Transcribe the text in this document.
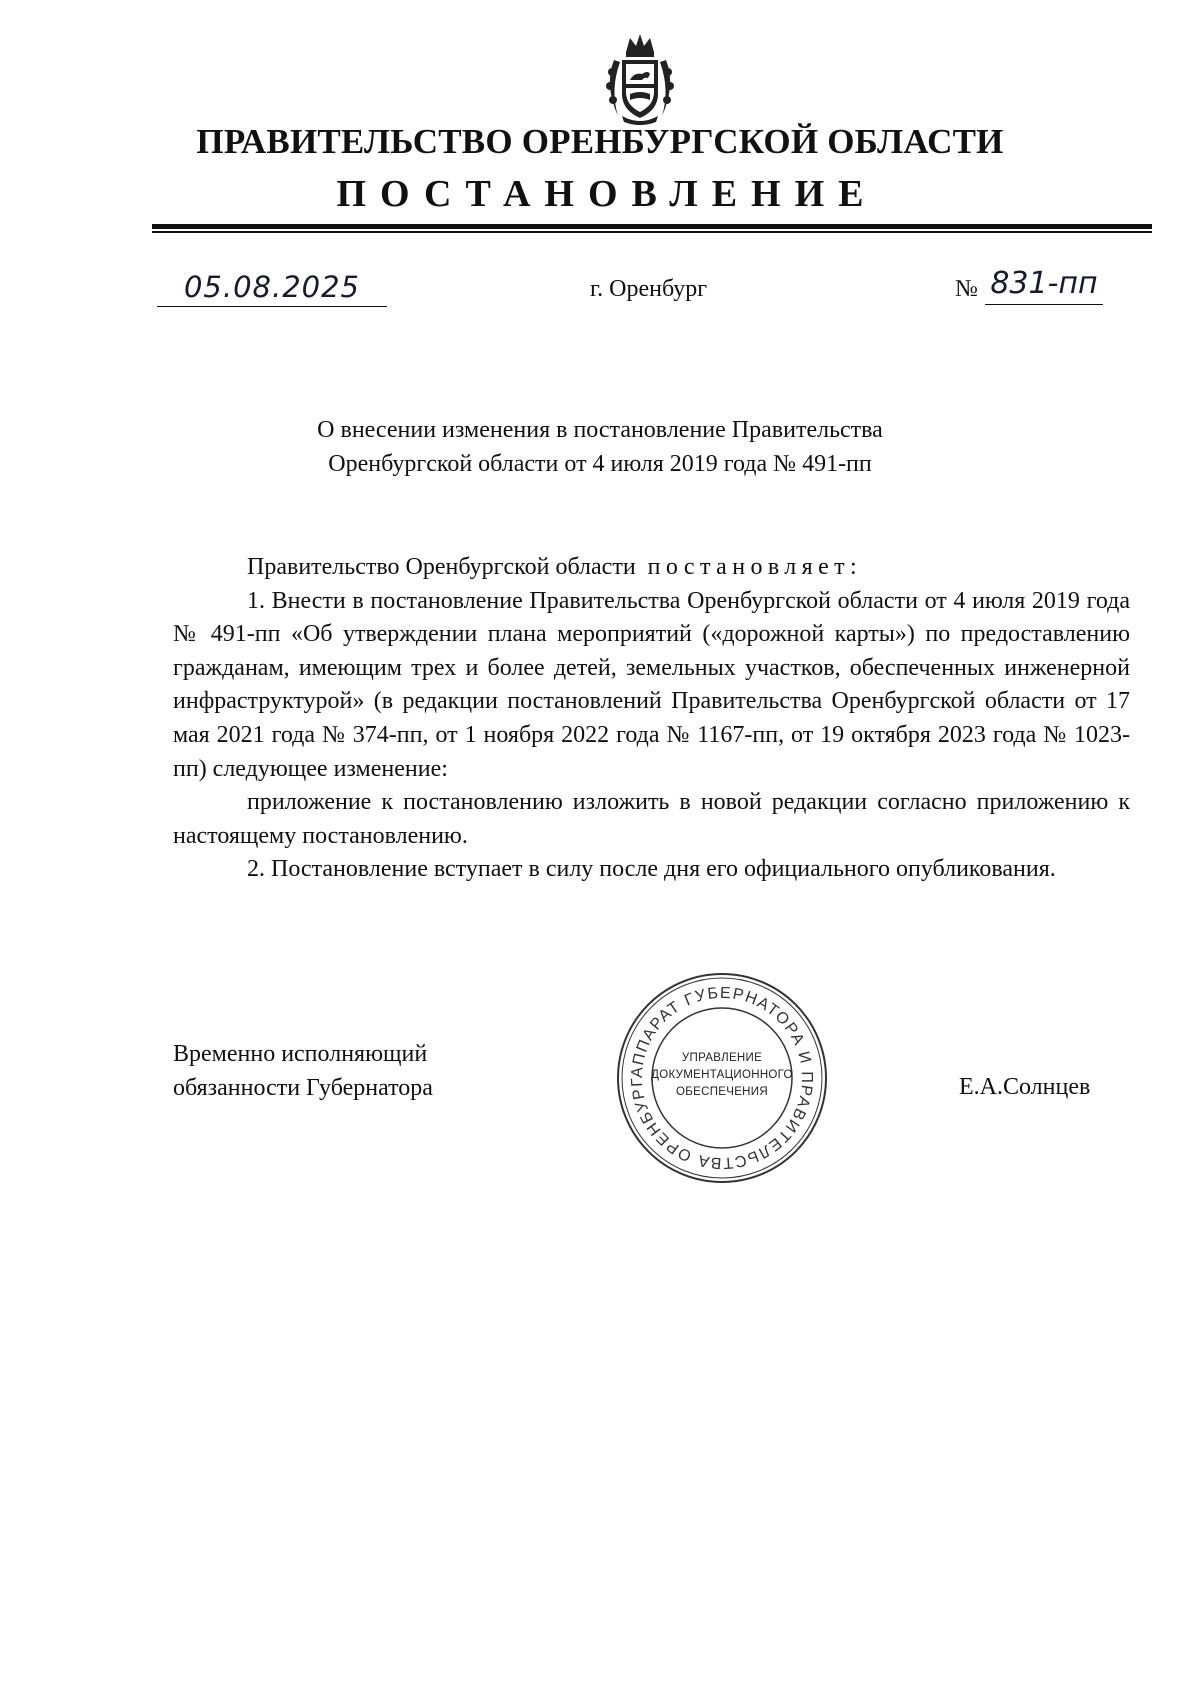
ПРАВИТЕЛЬСТВО ОРЕНБУРГСКОЙ ОБЛАСТИ
ПОСТАНОВЛЕНИЕ
05.08.2025	г. Оренбург	№ 831-пп
О внесении изменения в постановление Правительства
Оренбургской области от 4 июля 2019 года № 491-пп

Правительство Оренбургской области постановляет:

1. Внести в постановление Правительства Оренбургской области от 4 июля 2019 года № 491-пп «Об утверждении плана мероприятий («дорожной карты») по предоставлению гражданам, имеющим трех и более детей, земельных участков, обеспеченных инженерной инфраструктурой» (в редакции постановлений Правительства Оренбургской области от 17 мая 2021 года № 374-пп, от 1 ноября 2022 года № 1167-пп, от 19 октября 2023 года № 1023-пп) следующее изменение:

приложение к постановлению изложить в новой редакции согласно приложению к настоящему постановлению.

2. Постановление вступает в силу после дня его официального опубликования.

Временно исполняющий
обязанности Губернатора	Е.А.Солнцев
АППАРАТ ГУБЕРНАТОРА И ПРАВИТЕЛЬСТВА ОРЕНБУРГ
УПРАВЛЕНИЕ
ДОКУМЕНТАЦИОННОГО
ОБЕСПЕЧЕНИЯ
